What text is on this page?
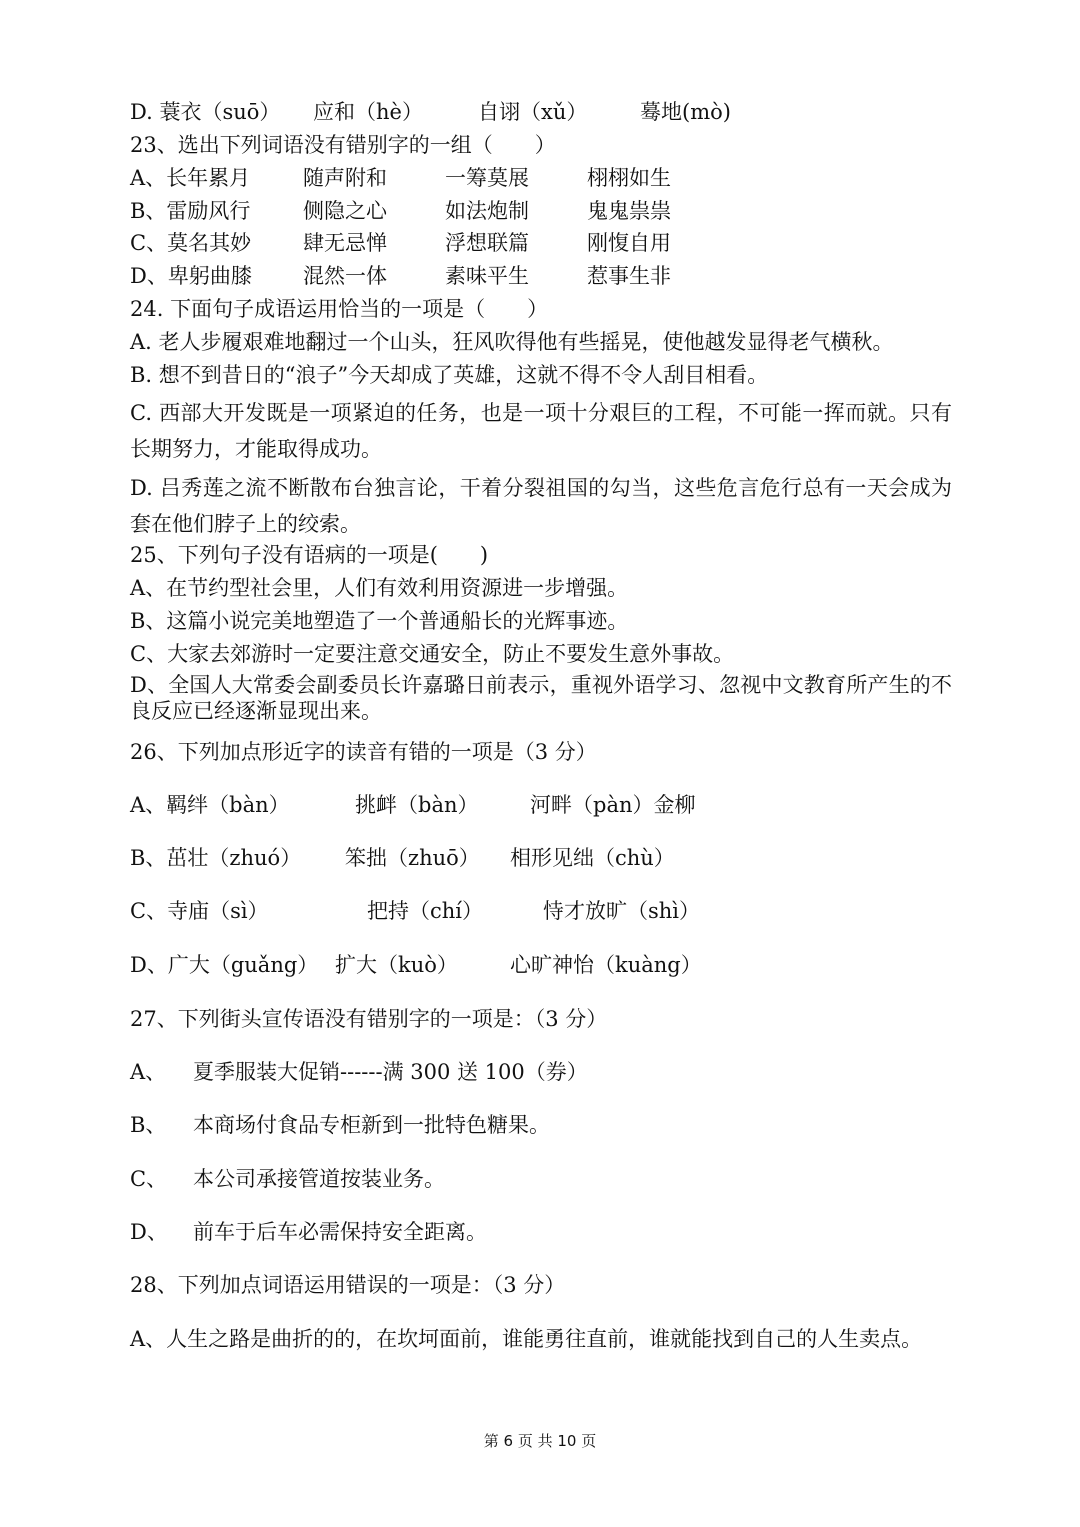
D. 蓑衣（suō） 应和（hè）	自诩（xǔ）	蓦地(mò)
23、选出下列词语没有错别字的一组（　　）
A、长年累月	随声附和	一筹莫展	栩栩如生
B、雷励风行	侧隐之心	如法炮制	鬼鬼祟祟
C、莫名其妙 肆无忌惮	浮想联篇	刚愎自用
D、卑躬曲膝 混然一体	素味平生	惹事生非
24. 下面句子成语运用恰当的一项是（　　）
A. 老人步履艰难地翻过一个山头，狂风吹得他有些摇晃，使他越发显得老气横秋。
B. 想不到昔日的“浪子”今天却成了英雄，这就不得不令人刮目相看。
C. 西部大开发既是一项紧迫的任务，也是一项十分艰巨的工程，不可能一挥而就。只有长期努力，才能取得成功。
D. 吕秀莲之流不断散布台独言论，干着分裂祖国的勾当，这些危言危行总有一天会成为套在他们脖子上的绞索。
25、下列句子没有语病的一项是(　　)
A、在节约型社会里，人们有效利用资源进一步增强。
B、这篇小说完美地塑造了一个普通船长的光辉事迹。
C、大家去郊游时一定要注意交通安全，防止不要发生意外事故。
D、全国人大常委会副委员长许嘉璐日前表示，重视外语学习、忽视中文教育所产生的不良反应已经逐渐显现出来。
26、下列加点形近字的读音有错的一项是（3 分）
A、羁绊（bàn）	挑衅（bàn） 河畔（pàn）金柳
B、茁壮（zhuó） 笨拙（zhuō） 相形见绌（chù）
C、寺庙（sì）	把持（chí）	恃才放旷（shì）
D、广大（guǎng） 扩大（kuò） 心旷神怡（kuàng）
27、下列街头宣传语没有错别字的一项是：（3 分）
A、 夏季服装大促销------满 300 送 100（券）
B、 本商场付食品专柜新到一批特色糖果。
C、 本公司承接管道按装业务。
D、 前车于后车必需保持安全距离。
28、下列加点词语运用错误的一项是：（3 分）
A、人生之路是曲折的的，在坎坷面前，谁能勇往直前，谁就能找到自己的人生卖点。
第 6 页 共 10 页
